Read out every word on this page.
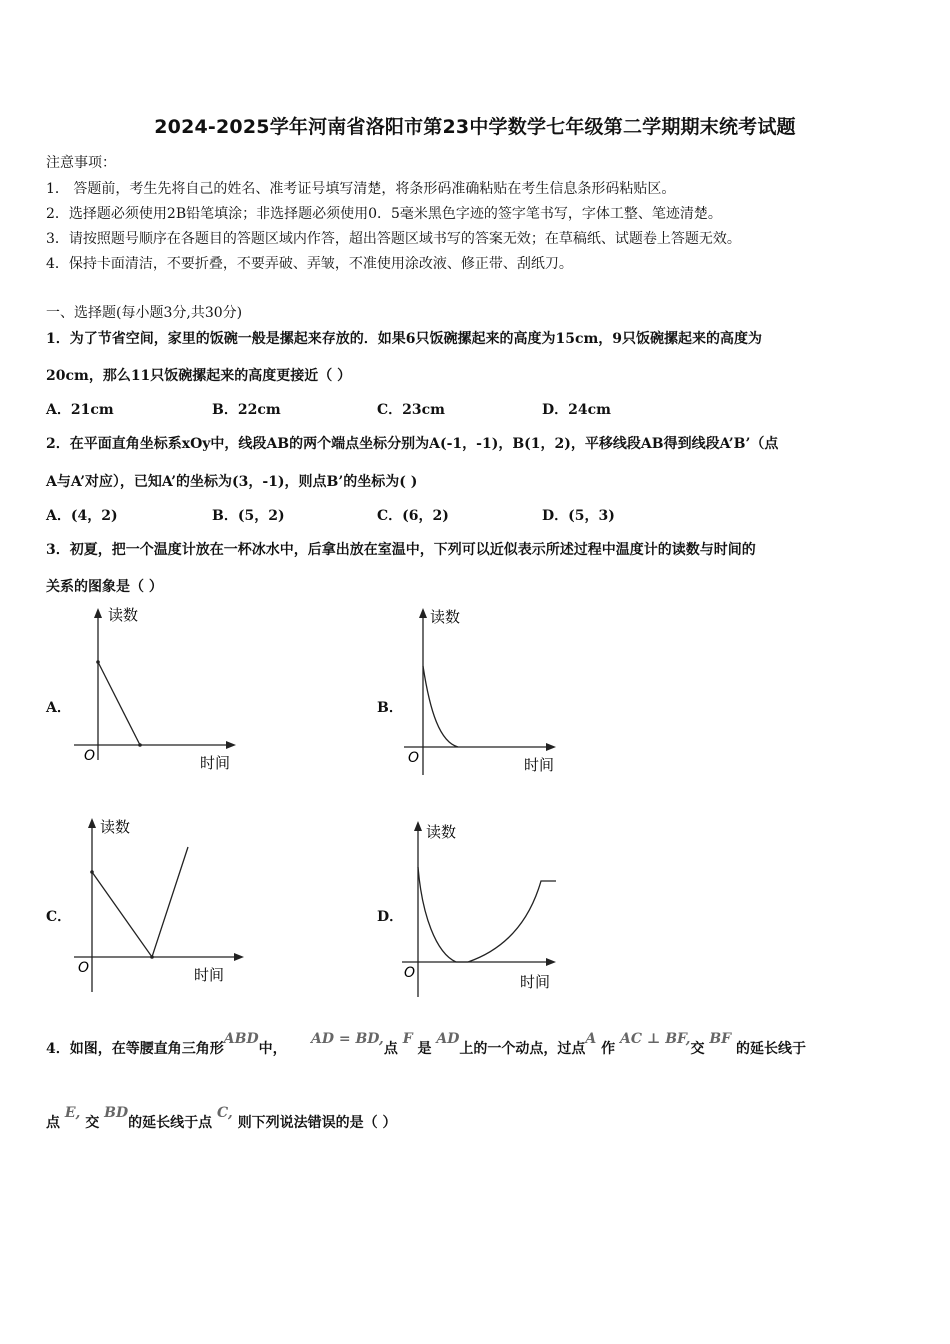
2024-2025学年河南省洛阳市第23中学数学七年级第二学期期末统考试题
注意事项：
1． 答题前，考生先将自己的姓名、准考证号填写清楚，将条形码准确粘贴在考生信息条形码粘贴区。
2．选择题必须使用2B铅笔填涂；非选择题必须使用0．5毫米黑色字迹的签字笔书写，字体工整、笔迹清楚。
3．请按照题号顺序在各题目的答题区域内作答，超出答题区域书写的答案无效；在草稿纸、试题卷上答题无效。
4．保持卡面清洁，不要折叠，不要弄破、弄皱，不准使用涂改液、修正带、刮纸刀。
一、选择题(每小题3分,共30分)
1．为了节省空间，家里的饭碗一般是摞起来存放的．如果6只饭碗摞起来的高度为15cm，9只饭碗摞起来的高度为
20cm，那么11只饭碗摞起来的高度更接近（ ）
A．21cm	B．22cm	C．23cm	D．24cm
2．在平面直角坐标系xOy中，线段AB的两个端点坐标分别为A(-1，-1)，B(1，2)，平移线段AB得到线段A’B’（点
A与A’对应），已知A’的坐标为(3，-1)，则点B’的坐标为( )
A．(4，2)	B．(5，2)	C．(6，2)	D．(5，3)
3．初夏，把一个温度计放在一杯冰水中，后拿出放在室温中，下列可以近似表示所述过程中温度计的读数与时间的
关系的图象是（ ）
A．	B．
C．	D．
读数
O	时间
读数
O	时间
读数
O	时间
读数
O	时间
4．如图，在等腰直角三角形ABD中，     AD = BD,点 F 是 AD上的一个动点，过点A 作 AC ⊥ BF,交 BF 的延长线于
点 E, 交 BD的延长线于点 C, 则下列说法错误的是（ ）
